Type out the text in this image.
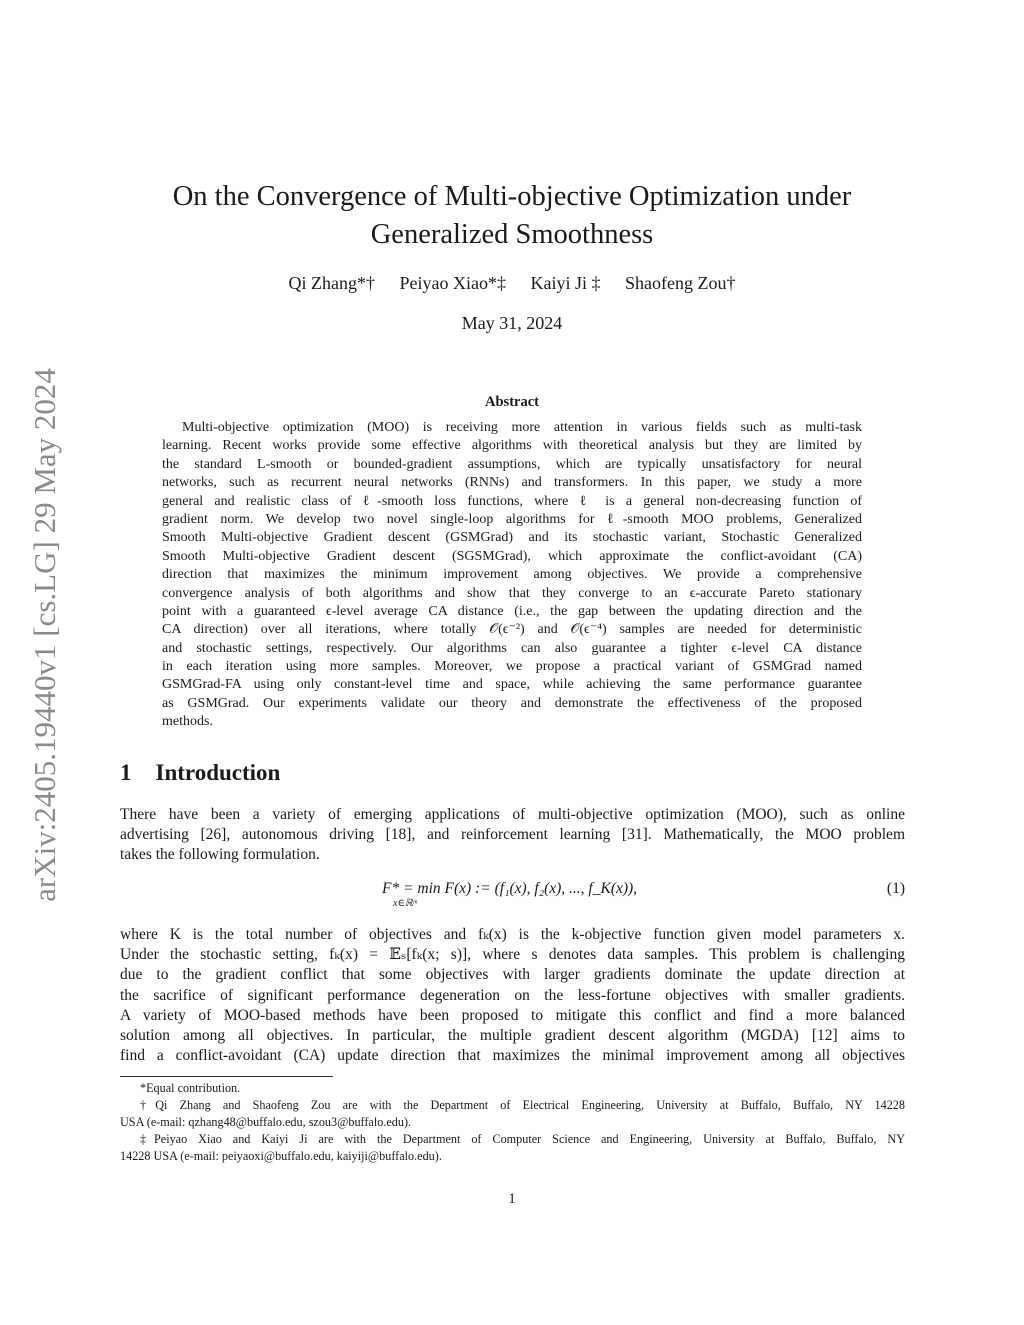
arXiv:2405.19440v1 [cs.LG] 29 May 2024
On the Convergence of Multi-objective Optimization under
Generalized Smoothness
Qi Zhang*† Peiyao Xiao*‡ Kaiyi Ji ‡ Shaofeng Zou†
May 31, 2024
Abstract
Multi-objective optimization (MOO) is receiving more attention in various fields such as multi-task
learning. Recent works provide some effective algorithms with theoretical analysis but they are limited by
the standard L-smooth or bounded-gradient assumptions, which are typically unsatisfactory for neural
networks, such as recurrent neural networks (RNNs) and transformers. In this paper, we study a more
general and realistic class of ℓ-smooth loss functions, where ℓ is a general non-decreasing function of
gradient norm. We develop two novel single-loop algorithms for ℓ-smooth MOO problems, Generalized
Smooth Multi-objective Gradient descent (GSMGrad) and its stochastic variant, Stochastic Generalized
Smooth Multi-objective Gradient descent (SGSMGrad), which approximate the conflict-avoidant (CA)
direction that maximizes the minimum improvement among objectives. We provide a comprehensive
convergence analysis of both algorithms and show that they converge to an ϵ-accurate Pareto stationary
point with a guaranteed ϵ-level average CA distance (i.e., the gap between the updating direction and the
CA direction) over all iterations, where totally 𝒪(ϵ⁻²) and 𝒪(ϵ⁻⁴) samples are needed for deterministic
and stochastic settings, respectively. Our algorithms can also guarantee a tighter ϵ-level CA distance
in each iteration using more samples. Moreover, we propose a practical variant of GSMGrad named
GSMGrad-FA using only constant-level time and space, while achieving the same performance guarantee
as GSMGrad. Our experiments validate our theory and demonstrate the effectiveness of the proposed
methods.
1 Introduction
There have been a variety of emerging applications of multi-objective optimization (MOO), such as online
advertising [26], autonomous driving [18], and reinforcement learning [31]. Mathematically, the MOO problem
takes the following formulation.
F* = min F(x) := (f₁(x), f₂(x), ..., f_K(x)),
x∈ℝᵐ
(1)
where K is the total number of objectives and fₖ(x) is the k-objective function given model parameters x.
Under the stochastic setting, fₖ(x) = 𝔼ₛ[fₖ(x; s)], where s denotes data samples. This problem is challenging
due to the gradient conflict that some objectives with larger gradients dominate the update direction at
the sacrifice of significant performance degeneration on the less-fortune objectives with smaller gradients.
A variety of MOO-based methods have been proposed to mitigate this conflict and find a more balanced
solution among all objectives. In particular, the multiple gradient descent algorithm (MGDA) [12] aims to
find a conflict-avoidant (CA) update direction that maximizes the minimal improvement among all objectives
*Equal contribution.
†Qi Zhang and Shaofeng Zou are with the Department of Electrical Engineering, University at Buffalo, Buffalo, NY 14228
USA (e-mail: qzhang48@buffalo.edu, szou3@buffalo.edu).
‡Peiyao Xiao and Kaiyi Ji are with the Department of Computer Science and Engineering, University at Buffalo, Buffalo, NY
14228 USA (e-mail: peiyaoxi@buffalo.edu, kaiyiji@buffalo.edu).
1
